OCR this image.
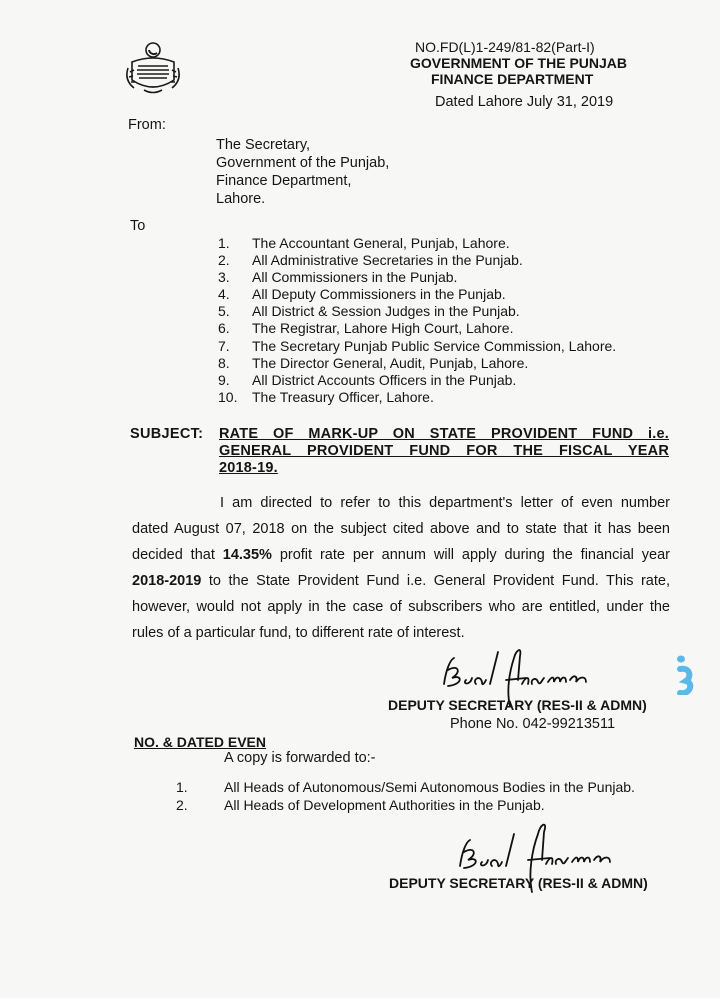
NO.FD(L)1-249/81-82(Part-I)
GOVERNMENT OF THE PUNJAB
FINANCE DEPARTMENT
Dated Lahore July 31, 2019
From:
The Secretary,
Government of the Punjab,
Finance Department,
Lahore.
To
1. The Accountant General, Punjab, Lahore.
2. All Administrative Secretaries in the Punjab.
3. All Commissioners in the Punjab.
4. All Deputy Commissioners in the Punjab.
5. All District & Session Judges in the Punjab.
6. The Registrar, Lahore High Court, Lahore.
7. The Secretary Punjab Public Service Commission, Lahore.
8. The Director General, Audit, Punjab, Lahore.
9. All District Accounts Officers in the Punjab.
10. The Treasury Officer, Lahore.
SUBJECT: RATE OF MARK-UP ON STATE PROVIDENT FUND i.e.
GENERAL PROVIDENT FUND FOR THE FISCAL YEAR
2018-19.
I am directed to refer to this department's letter of even number
dated August 07, 2018 on the subject cited above and to state that it has been
decided that 14.35% profit rate per annum will apply during the financial year
2018-2019 to the State Provident Fund i.e. General Provident Fund. This rate,
however, would not apply in the case of subscribers who are entitled, under the
rules of a particular fund, to different rate of interest.
DEPUTY SECRETARY (RES-II & ADMN)
Phone No. 042-99213511
NO. & DATED EVEN
A copy is forwarded to:-
1.	All Heads of Autonomous/Semi Autonomous Bodies in the Punjab.
2.	All Heads of Development Authorities in the Punjab.
DEPUTY SECRETARY (RES-II & ADMN)
